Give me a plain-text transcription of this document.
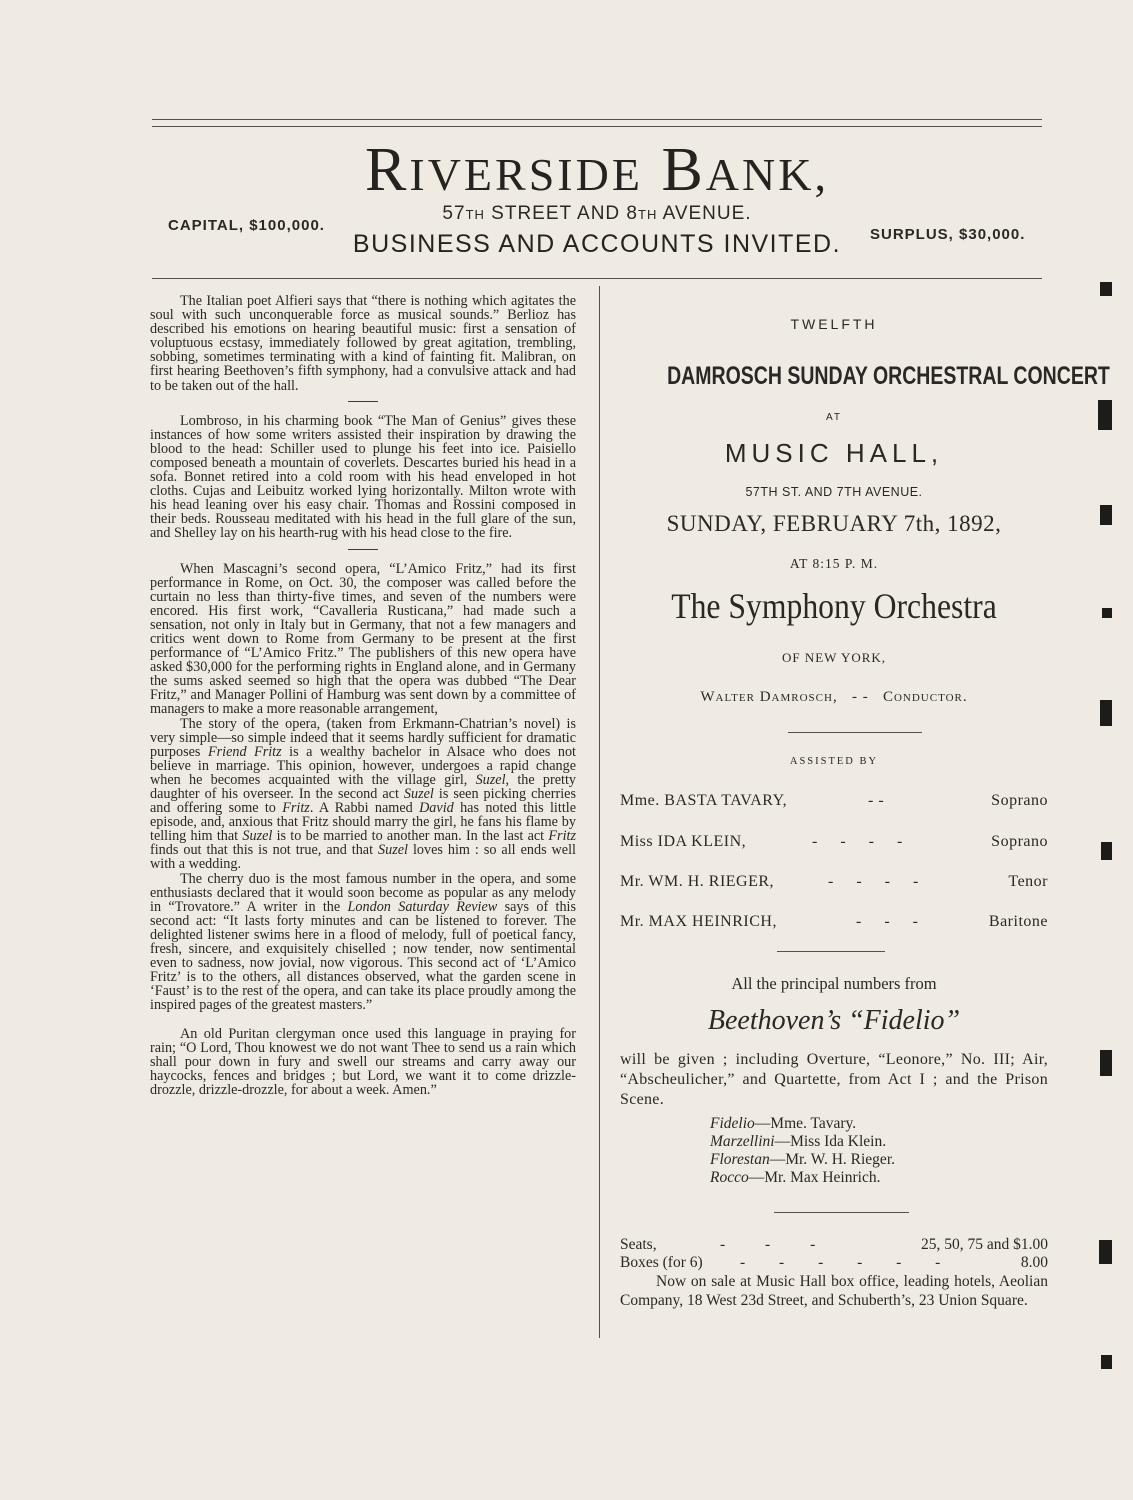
RIVERSIDE BANK,
57TH STREET AND 8TH AVENUE.
CAPITAL, $100,000.
SURPLUS, $30,000.
BUSINESS AND ACCOUNTS INVITED.

The Italian poet Alfieri says that “there is nothing which agitates the soul with such unconquerable force as musical sounds.” Berlioz has described his emotions on hearing beautiful music: first a sensation of voluptuous ecstasy, immediately followed by great agitation, trembling, sobbing, sometimes terminating with a kind of fainting fit. Malibran, on first hearing Beethoven’s fifth symphony, had a convulsive attack and had to be taken out of the hall.

Lombroso, in his charming book “The Man of Genius” gives these instances of how some writers assisted their inspiration by drawing the blood to the head: Schiller used to plunge his feet into ice. Paisiello composed beneath a mountain of coverlets. Descartes buried his head in a sofa. Bonnet retired into a cold room with his head enveloped in hot cloths. Cujas and Leibuitz worked lying horizontally. Milton wrote with his head leaning over his easy chair. Thomas and Rossini composed in their beds. Rousseau meditated with his head in the full glare of the sun, and Shelley lay on his hearth-rug with his head close to the fire.

When Mascagni’s second opera, “L’Amico Fritz,” had its first performance in Rome, on Oct. 30, the composer was called before the curtain no less than thirty-five times, and seven of the numbers were encored. His first work, “Cavalleria Rusticana,” had made such a sensation, not only in Italy but in Germany, that not a few managers and critics went down to Rome from Germany to be present at the first performance of “L’Amico Fritz.” The publishers of this new opera have asked $30,000 for the performing rights in England alone, and in Germany the sums asked seemed so high that the opera was dubbed “The Dear Fritz,” and Manager Pollini of Hamburg was sent down by a committee of managers to make a more reasonable arrangement,

The story of the opera, (taken from Erkmann-Chatrian’s novel) is very simple—so simple indeed that it seems hardly sufficient for dramatic purposes Friend Fritz is a wealthy bachelor in Alsace who does not believe in marriage. This opinion, however, undergoes a rapid change when he becomes acquainted with the village girl, Suzel, the pretty daughter of his overseer. In the second act Suzel is seen picking cherries and offering some to Fritz. A Rabbi named David has noted this little episode, and, anxious that Fritz should marry the girl, he fans his flame by telling him that Suzel is to be married to another man. In the last act Fritz finds out that this is not true, and that Suzel loves him : so all ends well with a wedding.

The cherry duo is the most famous number in the opera, and some enthusiasts declared that it would soon become as popular as any melody in “Trovatore.” A writer in the London Saturday Review says of this second act: “It lasts forty minutes and can be listened to forever. The delighted listener swims here in a flood of melody, full of poetical fancy, fresh, sincere, and exquisitely chiselled ; now tender, now sentimental even to sadness, now jovial, now vigorous. This second act of ‘L’Amico Fritz’ is to the others, all distances observed, what the garden scene in ‘Faust’ is to the rest of the opera, and can take its place proudly among the inspired pages of the greatest masters.”

An old Puritan clergyman once used this language in praying for rain; “O Lord, Thou knowest we do not want Thee to send us a rain which shall pour down in fury and swell our streams and carry away our haycocks, fences and bridges ; but Lord, we want it to come drizzle-drozzle, drizzle-drozzle, for about a week. Amen.”

TWELFTH
DAMROSCH SUNDAY ORCHESTRAL CONCERT
AT
MUSIC HALL,
57TH ST. AND 7TH AVENUE.
SUNDAY, FEBRUARY 7th, 1892,
AT 8:15 P. M.
The Symphony Orchestra
OF NEW YORK,
Walter Damrosch, - - Conductor.
ASSISTED BY
Mme. BASTA TAVARY,	- -	Soprano
Miss IDA KLEIN,	- - - -	Soprano
Mr. WM. H. RIEGER,	- - - -	Tenor
Mr. MAX HEINRICH,	- - -	Baritone
All the principal numbers from
Beethoven’s “Fidelio”
will be given ; including Overture, “Leonore,” No. III; Air, “Abscheulicher,” and Quartette, from Act I ; and the Prison Scene.
Fidelio—Mme. Tavary.
Marzellini—Miss Ida Klein.
Florestan—Mr. W. H. Rieger.
Rocco—Mr. Max Heinrich.
Seats,	- - -	25, 50, 75 and $1.00
Boxes (for 6) - - - - - -	8.00
Now on sale at Music Hall box office, leading hotels, Aeolian Company, 18 West 23d Street, and Schuberth’s, 23 Union Square.
